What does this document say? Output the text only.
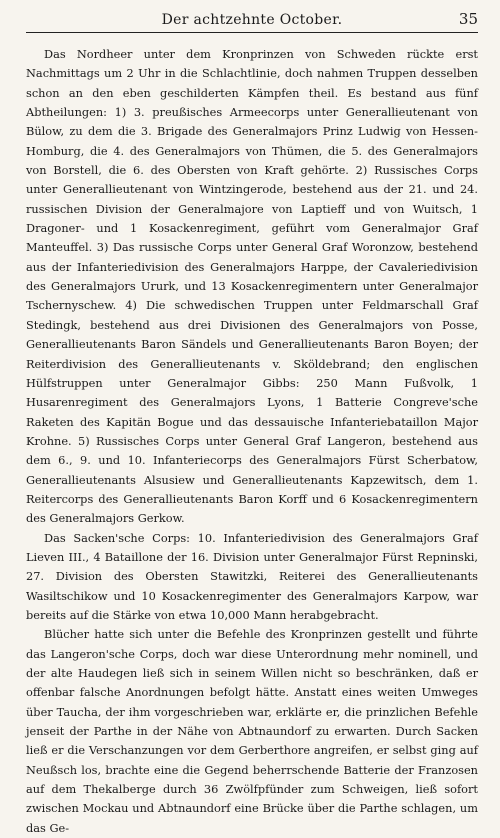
Der achtzehnte October.	35

Das Nordheer unter dem Kronprinzen von Schweden rückte erst Nachmittags um 2 Uhr in die Schlachtlinie, doch nahmen Truppen desselben schon an den eben geschilderten Kämpfen theil. Es bestand aus fünf Abtheilungen: 1) 3. preußisches Armeecorps unter Generallieutenant von Bülow, zu dem die 3. Brigade des Generalmajors Prinz Ludwig von Hessen-Homburg, die 4. des Generalmajors von Thümen, die 5. des Generalmajors von Borstell, die 6. des Obersten von Kraft gehörte. 2) Russisches Corps unter Generallieutenant von Wintzingerode, bestehend aus der 21. und 24. russischen Division der Generalmajore von Laptieff und von Wuitsch, 1 Dragoner- und 1 Kosackenregiment, geführt vom Generalmajor Graf Manteuffel. 3) Das russische Corps unter General Graf Woronzow, bestehend aus der Infanteriedivision des Generalmajors Harppe, der Cavaleriedivision des Generalmajors Ururk, und 13 Kosackenregimentern unter Generalmajor Tschernyschew. 4) Die schwedischen Truppen unter Feldmarschall Graf Stedingk, bestehend aus drei Divisionen des Generalmajors von Posse, Generallieutenants Baron Sändels und Generallieutenants Baron Boyen; der Reiterdivision des Generallieutenants v. Sköldebrand; den englischen Hülfstruppen unter Generalmajor Gibbs: 250 Mann Fußvolk, 1 Husarenregiment des Generalmajors Lyons, 1 Batterie Congreve'sche Raketen des Kapitän Bogue und das dessauische Infanteriebataillon Major Krohne. 5) Russisches Corps unter General Graf Langeron, bestehend aus dem 6., 9. und 10. Infanteriecorps des Generalmajors Fürst Scherbatow, Generallieutenants Alsusiew und Generallieutenants Kapzewitsch, dem 1. Reitercorps des Generallieutenants Baron Korff und 6 Kosackenregimentern des Generalmajors Gerkow.

Das Sacken'sche Corps: 10. Infanteriedivision des Generalmajors Graf Lieven III., 4 Bataillone der 16. Division unter Generalmajor Fürst Repninski, 27. Division des Obersten Stawitzki, Reiterei des Generallieutenants Wasiltschikow und 10 Kosackenregimenter des Generalmajors Karpow, war bereits auf die Stärke von etwa 10,000 Mann herabgebracht.

Blücher hatte sich unter die Befehle des Kronprinzen gestellt und führte das Langeron'sche Corps, doch war diese Unterordnung mehr nominell, und der alte Haudegen ließ sich in seinem Willen nicht so beschränken, daß er offenbar falsche Anordnungen befolgt hätte. Anstatt eines weiten Umweges über Taucha, der ihm vorgeschrieben war, erklärte er, die prinzlichen Befehle jenseit der Parthe in der Nähe von Abtnaundorf zu erwarten. Durch Sacken ließ er die Verschanzungen vor dem Gerberthore angreifen, er selbst ging auf Neußsch los, brachte eine die Gegend beherrschende Batterie der Franzosen auf dem Thekalberge durch 36 Zwölfpfünder zum Schweigen, ließ sofort zwischen Mockau und Abtnaundorf eine Brücke über die Parthe schlagen, um das Ge-
